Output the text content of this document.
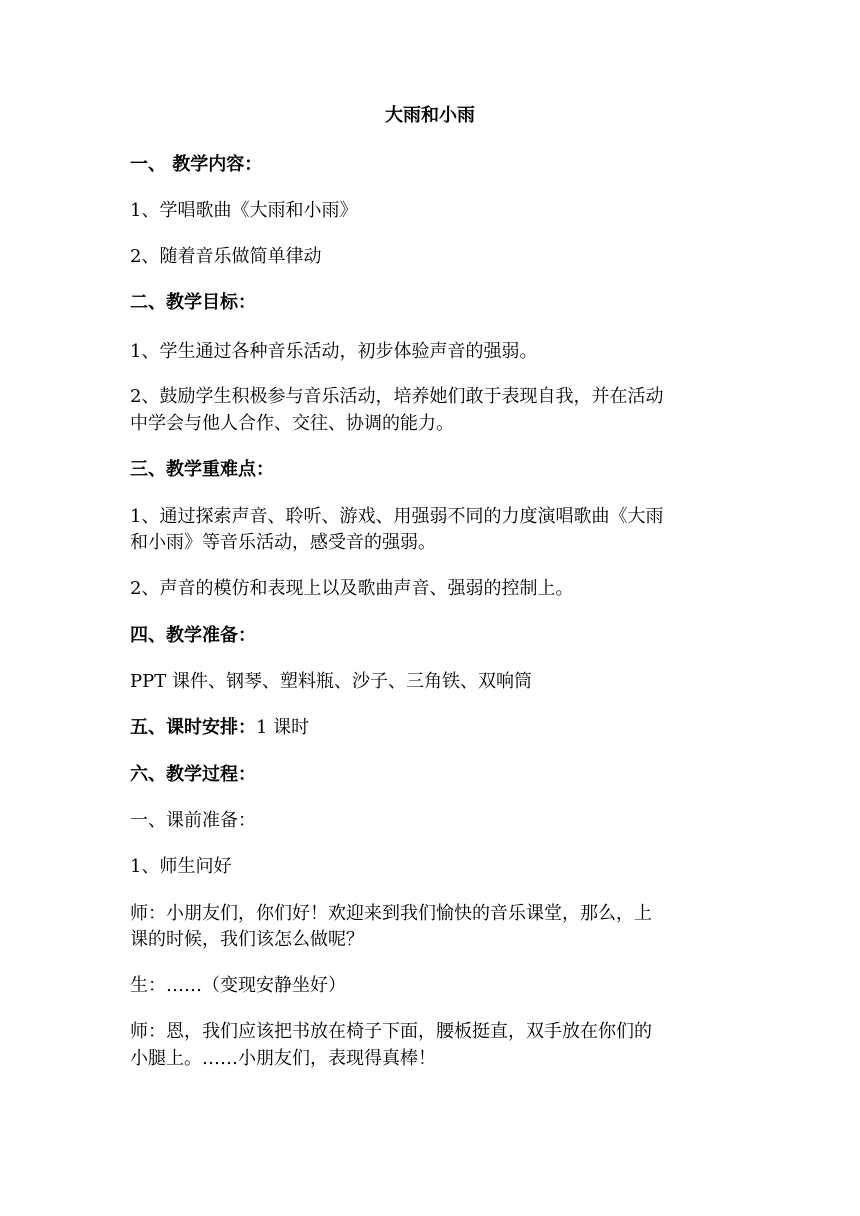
大雨和小雨
一、 教学内容：
1、学唱歌曲《大雨和小雨》
2、随着音乐做简单律动
二、教学目标：
1、学生通过各种音乐活动，初步体验声音的强弱。
2、鼓励学生积极参与音乐活动，培养她们敢于表现自我，并在活动
中学会与他人合作、交往、协调的能力。
三、教学重难点：
1、通过探索声音、聆听、游戏、用强弱不同的力度演唱歌曲《大雨
和小雨》等音乐活动，感受音的强弱。
2、声音的模仿和表现上以及歌曲声音、强弱的控制上。
四、教学准备：
PPT 课件、钢琴、塑料瓶、沙子、三角铁、双响筒
五、课时安排：1 课时
六、教学过程：
一、课前准备：
1、师生问好
师：小朋友们，你们好！欢迎来到我们愉快的音乐课堂，那么，上
课的时候，我们该怎么做呢？
生：……（变现安静坐好）
师：恩，我们应该把书放在椅子下面，腰板挺直，双手放在你们的
小腿上。……小朋友们，表现得真棒！
